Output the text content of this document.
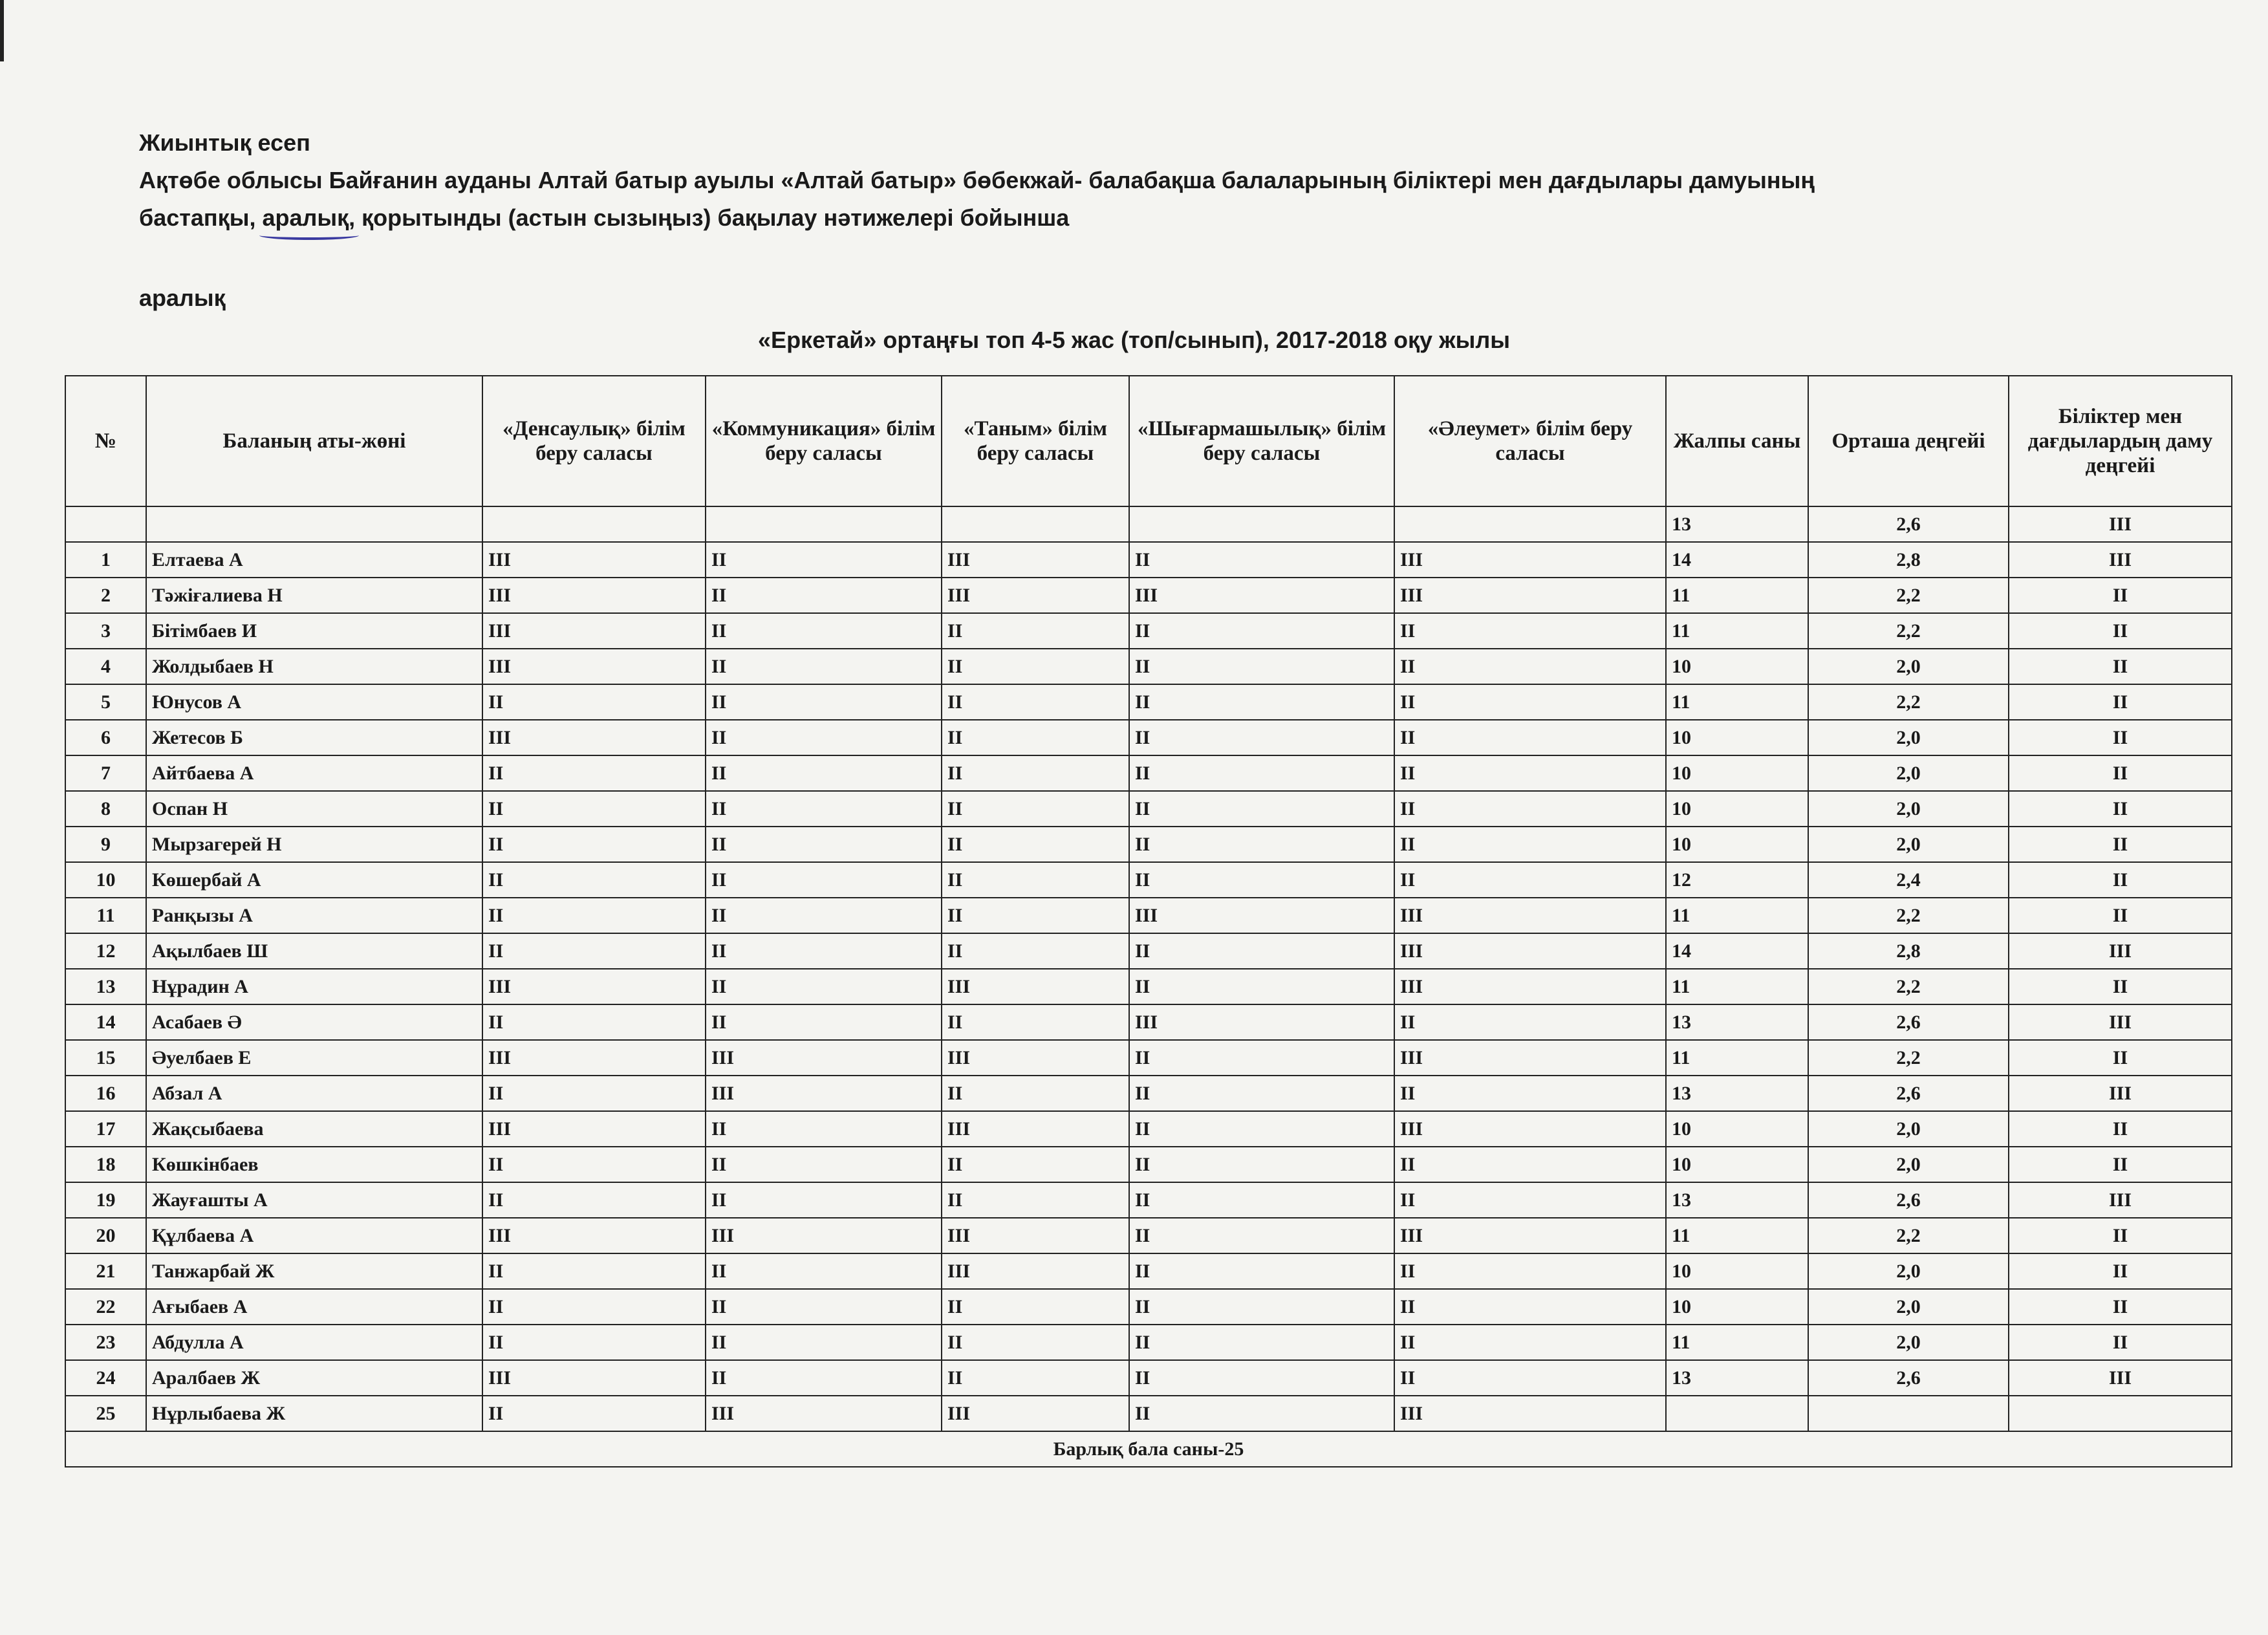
Жиынтық есеп
Ақтөбе облысы Байғанин ауданы Алтай батыр ауылы «Алтай батыр» бөбекжай- балабақша балаларының біліктері мен дағдылары дамуының
бастапқы, аралық, қорытынды (астын сызыңыз) бақылау нәтижелері бойынша
аралық
«Еркетай» ортаңғы топ 4-5 жас (топ/сынып), 2017-2018 оқу жылы
№	Баланың аты-жөні	«Денсаулық» білім беру саласы	«Коммуникация» білім беру саласы	«Таным» білім беру саласы	«Шығармашылық» білім беру саласы	«Әлеумет» білім беру саласы	Жалпы саны	Орташа деңгейі	Біліктер мен дағдылардың даму деңгейі
							13	2,6	III
1	Елтаева А	III	II	III	II	III	14	2,8	III
2	Тәжіғалиева Н	III	II	III	III	III	11	2,2	II
3	Бітімбаев И	III	II	II	II	II	11	2,2	II
4	Жолдыбаев Н	III	II	II	II	II	10	2,0	II
5	Юнусов А	II	II	II	II	II	11	2,2	II
6	Жетесов Б	III	II	II	II	II	10	2,0	II
7	Айтбаева А	II	II	II	II	II	10	2,0	II
8	Оспан Н	II	II	II	II	II	10	2,0	II
9	Мырзагерей Н	II	II	II	II	II	10	2,0	II
10	Көшербай А	II	II	II	II	II	12	2,4	II
11	Ранқызы А	II	II	II	III	III	11	2,2	II
12	Ақылбаев Ш	II	II	II	II	III	14	2,8	III
13	Нұрадин А	III	II	III	II	III	11	2,2	II
14	Асабаев Ә	II	II	II	III	II	13	2,6	III
15	Әуелбаев Е	III	III	III	II	III	11	2,2	II
16	Абзал А	II	III	II	II	II	13	2,6	III
17	Жақсыбаева	III	II	III	II	III	10	2,0	II
18	Көшкінбаев	II	II	II	II	II	10	2,0	II
19	Жауғашты А	II	II	II	II	II	13	2,6	III
20	Құлбаева А	III	III	III	II	III	11	2,2	II
21	Танжарбай Ж	II	II	III	II	II	10	2,0	II
22	Ағыбаев А	II	II	II	II	II	10	2,0	II
23	Абдулла А	II	II	II	II	II	11	2,0	II
24	Аралбаев Ж	III	II	II	II	II	13	2,6	III
25	Нұрлыбаева Ж	II	III	III	II	III			
Барлық бала саны-25									
